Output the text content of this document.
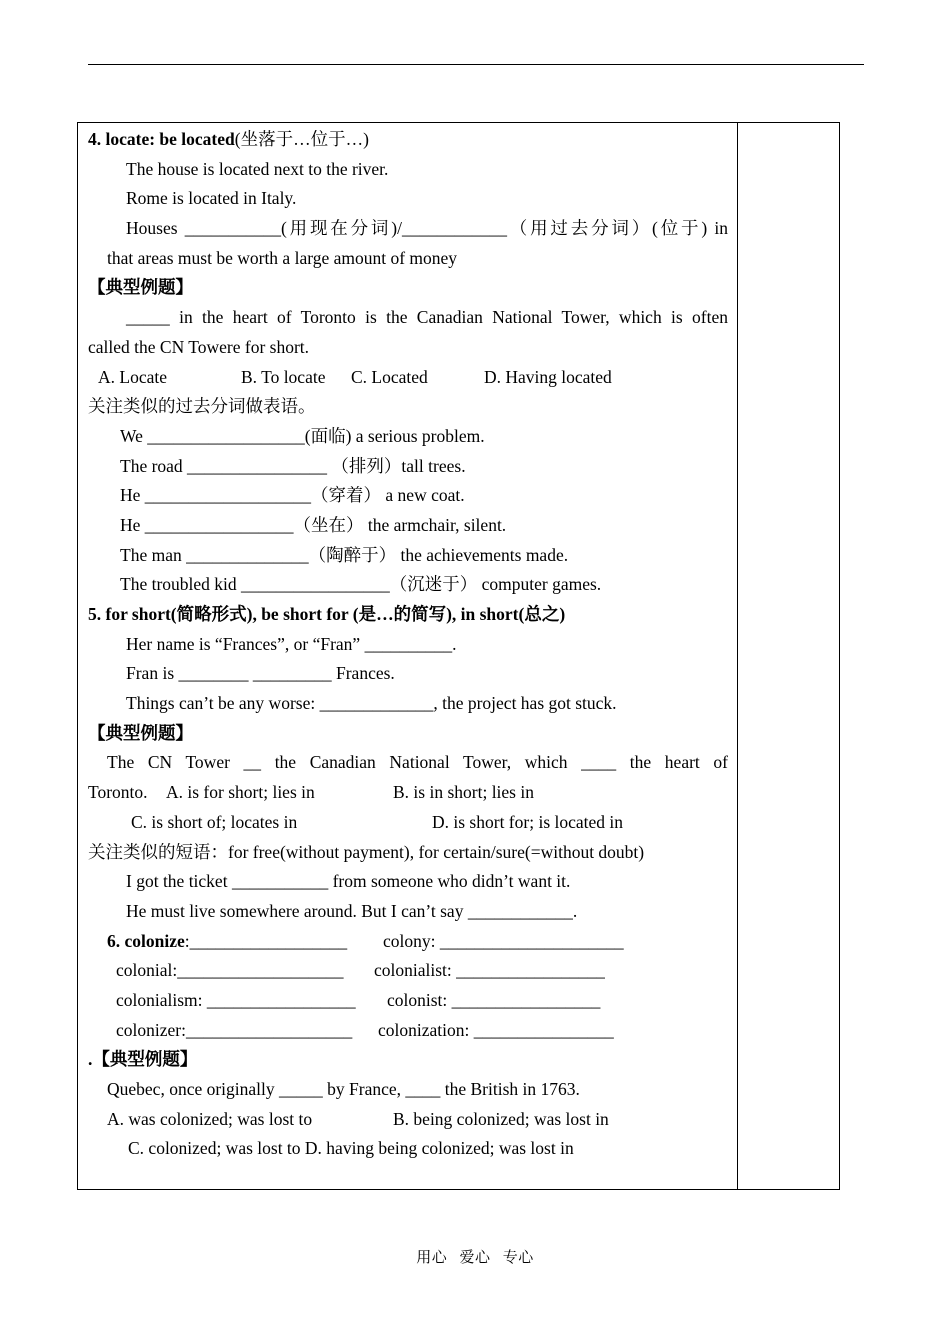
4. locate: be located(坐落于…位于…)
The house is located next to the river.
Rome is located in Italy.
Houses ___________(用现在分词)/____________（用过去分词）(位于) in
that areas must be worth a large amount of money
【典型例题】
_____ in the heart of Toronto is the Canadian National Tower, which is often
called the CN Towere for short.
A. Locate	B. To locate C. Located	D. Having located
关注类似的过去分词做表语。
We __________________(面临) a serious problem.
The road ________________ （排列）tall trees.
He ___________________（穿着） a new coat.
He _________________（坐在） the armchair, silent.
The man ______________（陶醉于） the achievements made.
The troubled kid _________________（沉迷于） computer games.
5. for short(简略形式), be short for (是…的简写), in short(总之)
Her name is “Frances”, or “Fran” __________.
Fran is ________ _________ Frances.
Things can’t be any worse: _____________, the project has got stuck.
【典型例题】
The CN Tower __ the Canadian National Tower, which ____ the heart of
Toronto. A. is for short; lies in	B. is in short; lies in
C. is short of; locates in	D. is short for; is located in
关注类似的短语：for free(without payment), for certain/sure(=without doubt)
I got the ticket ___________ from someone who didn’t want it.
He must live somewhere around. But I can’t say ____________.
6. colonize:__________________ colony: _____________________
colonial:___________________ colonialist: _________________
colonialism: _________________ colonist: _________________
colonizer:___________________ colonization: ________________
.【典型例题】
Quebec, once originally _____ by France, ____ the British in 1763.
A. was colonized; was lost to	B. being colonized; was lost in
C. colonized; was lost to D. having being colonized; was lost in
用心 爱心 专心
